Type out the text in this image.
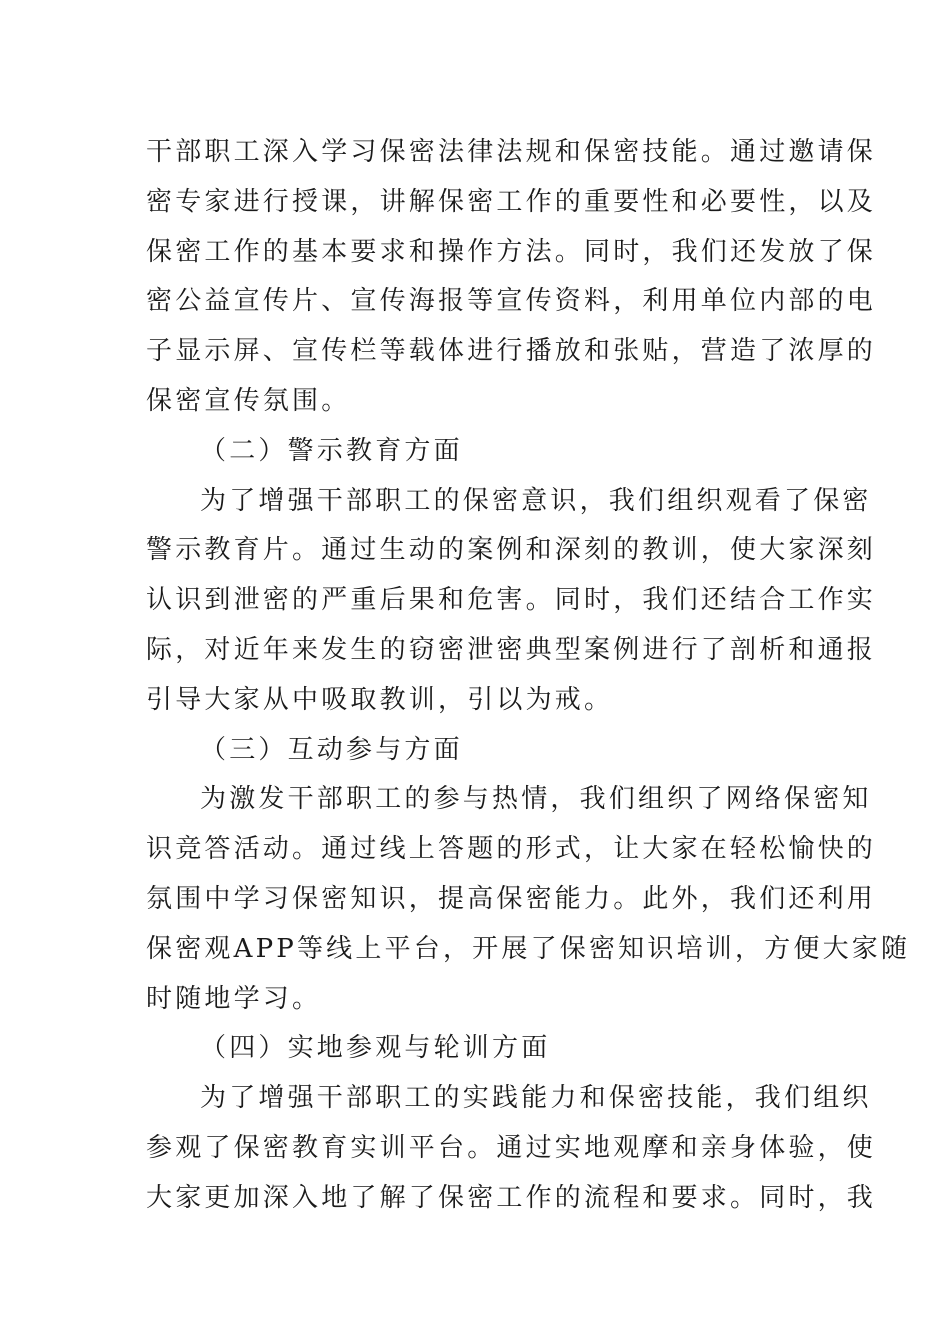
干部职工深入学习保密法律法规和保密技能。通过邀请保
密专家进行授课，讲解保密工作的重要性和必要性，以及
保密工作的基本要求和操作方法。同时，我们还发放了保
密公益宣传片、宣传海报等宣传资料，利用单位内部的电
子显示屏、宣传栏等载体进行播放和张贴，营造了浓厚的
保密宣传氛围。
（二）警示教育方面
为了增强干部职工的保密意识，我们组织观看了保密
警示教育片。通过生动的案例和深刻的教训，使大家深刻
认识到泄密的严重后果和危害。同时，我们还结合工作实
际，对近年来发生的窃密泄密典型案例进行了剖析和通报
引导大家从中吸取教训，引以为戒。
（三）互动参与方面
为激发干部职工的参与热情，我们组织了网络保密知
识竞答活动。通过线上答题的形式，让大家在轻松愉快的
氛围中学习保密知识，提高保密能力。此外，我们还利用
保密观APP等线上平台，开展了保密知识培训，方便大家随
时随地学习。
（四）实地参观与轮训方面
为了增强干部职工的实践能力和保密技能，我们组织
参观了保密教育实训平台。通过实地观摩和亲身体验，使
大家更加深入地了解了保密工作的流程和要求。同时，我
